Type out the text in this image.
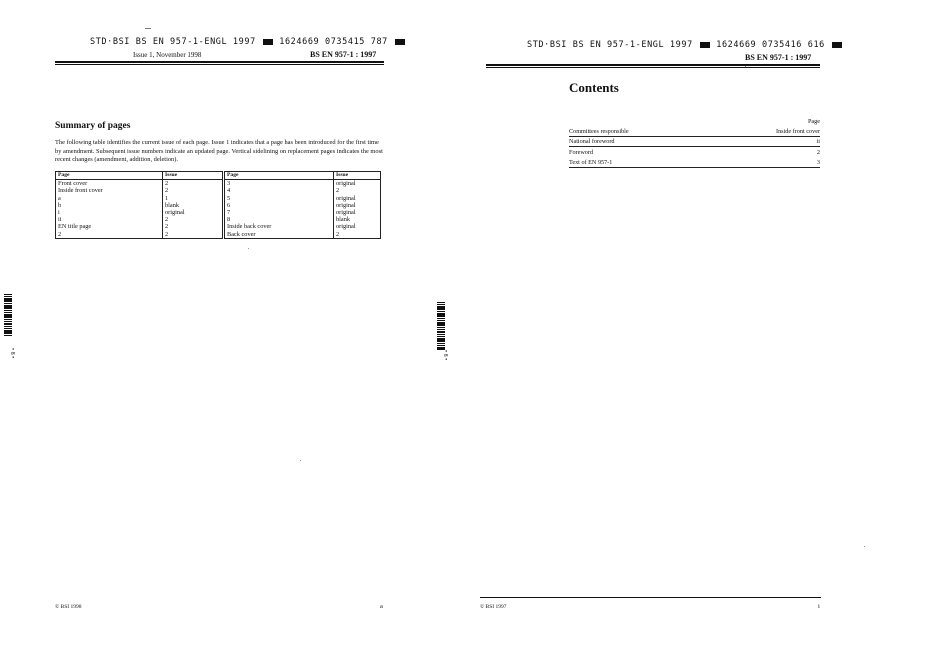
STD·BSI BS EN 957-1-ENGL 1997	1624669 0735415 787
Issue 1, November 1998	BS EN 957-1 : 1997
Summary of pages
The following table identifies the current issue of each page. Issue 1 indicates that a page has been introduced for the first time by amendment. Subsequent issue numbers indicate an updated page. Vertical sidelining on replacement pages indicates the most recent changes (amendment, addition, deletion).
Page	Issue	Page	Issue
Front cover	2	3	original
Inside front cover	2	4	2
a	1	5	original
b	blank	6	original
i	original	7	original
ii	2	8	blank
EN title page	2	Inside back cover	original
2	2	Back cover	2
• 8 •
© BSI 1998	a
STD·BSI BS EN 957-1-ENGL 1997	1624669 0735416 616
BS EN 957-1 : 1997
Contents
Page
Committees responsible	Inside front cover
National foreword	ii
Foreword	2
Text of EN 957-1	3
• 8 •
© BSI 1997	i
